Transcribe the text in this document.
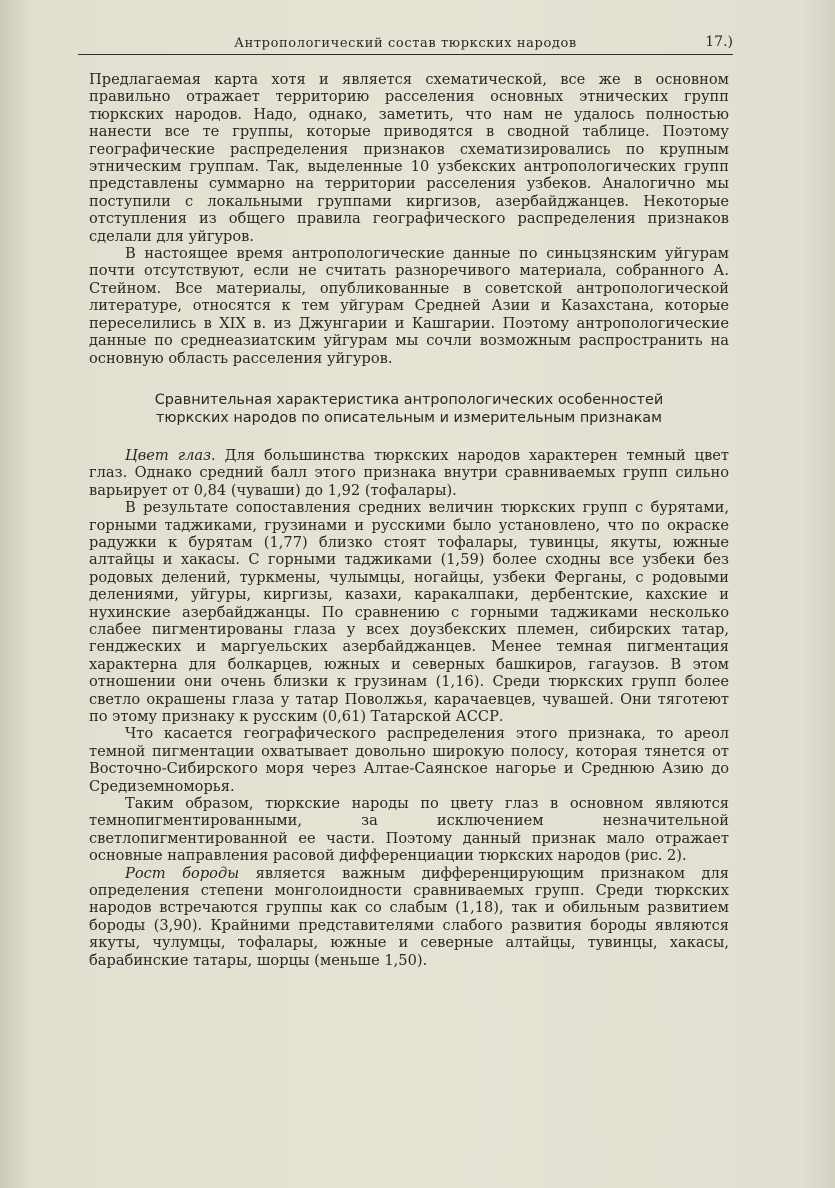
Антропологический состав тюркских народов	17.)

Предлагаемая карта хотя и является схематической, все же в основном правильно отражает территорию расселения основных этнических групп тюркских народов. Надо, однако, заметить, что нам не удалось полностью нанести все те группы, которые приводятся в сводной таблице. Поэтому географические распределения признаков схематизировались по крупным этническим группам. Так, выделенные 10 узбекских антропологических групп представлены суммарно на территории расселения узбеков. Аналогично мы поступили с локальными группами киргизов, азербайджанцев. Некоторые отступления из общего правила географического распределения признаков сделали для уйгуров.

В настоящее время антропологические данные по синьцзянским уйгурам почти отсутствуют, если не считать разноречивого материала, собранного А. Стейном. Все материалы, опубликованные в советской антропологической литературе, относятся к тем уйгурам Средней Азии и Казахстана, которые переселились в XIX в. из Джунгарии и Кашгарии. Поэтому антропологические данные по среднеазиатским уйгурам мы сочли возможным распространить на основную область расселения уйгуров.

Сравнительная характеристика антропологических особенностей
тюркских народов по описательным и измерительным признакам

Цвет глаз. Для большинства тюркских народов характерен темный цвет глаз. Однако средний балл этого признака внутри сравниваемых групп сильно варьирует от 0,84 (чуваши) до 1,92 (тофалары).

В результате сопоставления средних величин тюркских групп с бурятами, горными таджиками, грузинами и русскими было установлено, что по окраске радужки к бурятам (1,77) близко стоят тофалары, тувинцы, якуты, южные алтайцы и хакасы. С горными таджиками (1,59) более сходны все узбеки без родовых делений, туркмены, чулымцы, ногайцы, узбеки Ферганы, с родовыми делениями, уйгуры, киргизы, казахи, каракалпаки, дербентские, кахские и нухинские азербайджанцы. По сравнению с горными таджиками несколько слабее пигментированы глаза у всех доузбекских племен, сибирских татар, генджеских и маргуельских азербайджанцев. Менее темная пигментация характерна для болкарцев, южных и северных башкиров, гагаузов. В этом отношении они очень близки к грузинам (1,16). Среди тюркских групп более светло окрашены глаза у татар Поволжья, карачаевцев, чувашей. Они тяготеют по этому признаку к русским (0,61) Татарской АССР.

Что касается географического распределения этого признака, то ареол темной пигментации охватывает довольно широкую полосу, которая тянется от Восточно-Сибирского моря через Алтае-Саянское нагорье и Среднюю Азию до Средиземноморья.

Таким образом, тюркские народы по цвету глаз в основном являются темнопигментированными, за исключением незначительной светлопигментированной ее части. Поэтому данный признак мало отражает основные направления расовой дифференциации тюркских народов (рис. 2).

Рост бороды является важным дифференцирующим признаком для определения степени монголоидности сравниваемых групп. Среди тюркских народов встречаются группы как со слабым (1,18), так и обильным развитием бороды (3,90). Крайними представителями слабого развития бороды являются якуты, чулумцы, тофалары, южные и северные алтайцы, тувинцы, хакасы, барабинские татары, шорцы (меньше 1,50).
